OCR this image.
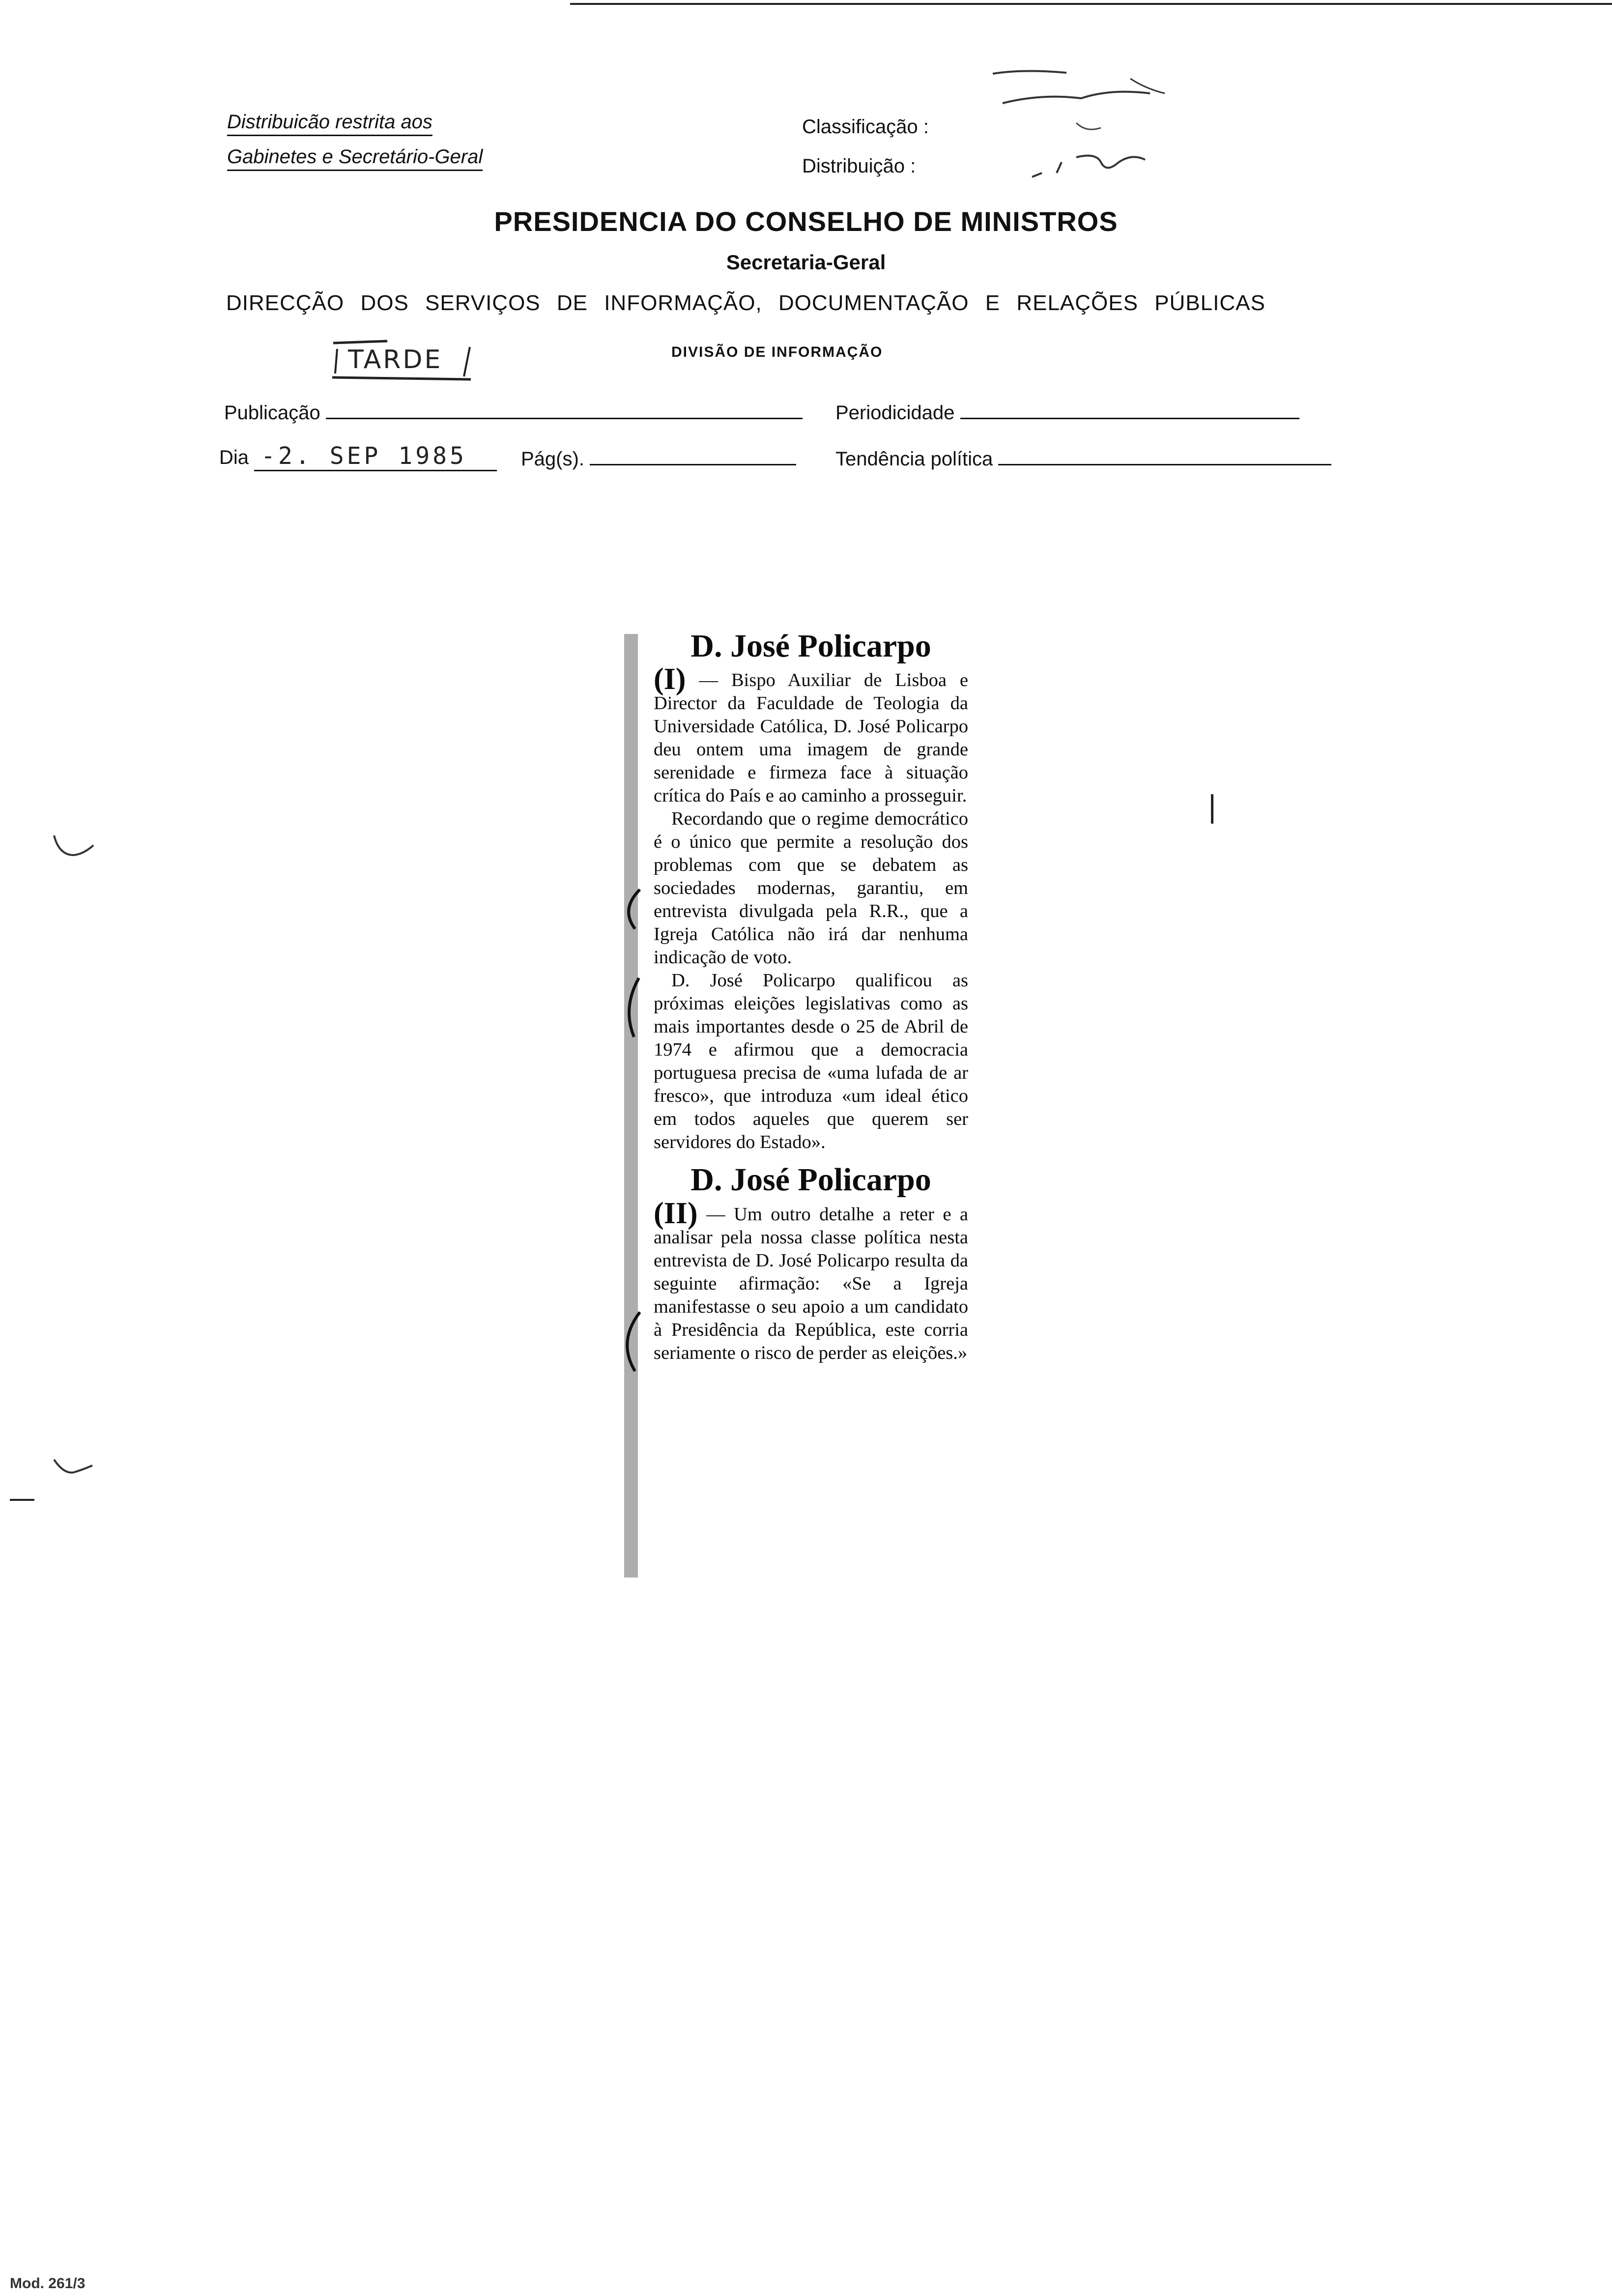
Distribuicão restrita aos
Gabinetes e Secretário-Geral
Classificação :
Distribuição :
PRESIDENCIA DO CONSELHO DE MINISTROS
Secretaria-Geral
DIRECÇÃO DOS SERVIÇOS DE INFORMAÇÃO, DOCUMENTAÇÃO E RELAÇÕES PÚBLICAS
TARDE	DIVISÃO DE INFORMAÇÃO
Publicação	Periodicidade
Dia -2. SEP 1985	Pág(s).	Tendência política
D. José Policarpo

(I) — Bispo Auxiliar de Lisboa e Director da Faculdade de Teologia da Universidade Católica, D. José Policarpo deu ontem uma imagem de grande serenidade e firmeza face à situação crítica do País e ao caminho a prosseguir.

Recordando que o regime democrático é o único que permite a resolução dos problemas com que se debatem as sociedades modernas, garantiu, em entrevista divulgada pela R.R., que a Igreja Católica não irá dar nenhuma indicação de voto.

D. José Policarpo qualificou as próximas eleições legislativas como as mais importantes desde o 25 de Abril de 1974 e afirmou que a democracia portuguesa precisa de «uma lufada de ar fresco», que introduza «um ideal ético em todos aqueles que querem ser servidores do Estado».

D. José Policarpo

(II) — Um outro detalhe a reter e a analisar pela nossa classe política nesta entrevista de D. José Policarpo resulta da seguinte afirmação: «Se a Igreja manifestasse o seu apoio a um candidato à Presidência da República, este corria seriamente o risco de perder as eleições.»

Mod. 261/3
